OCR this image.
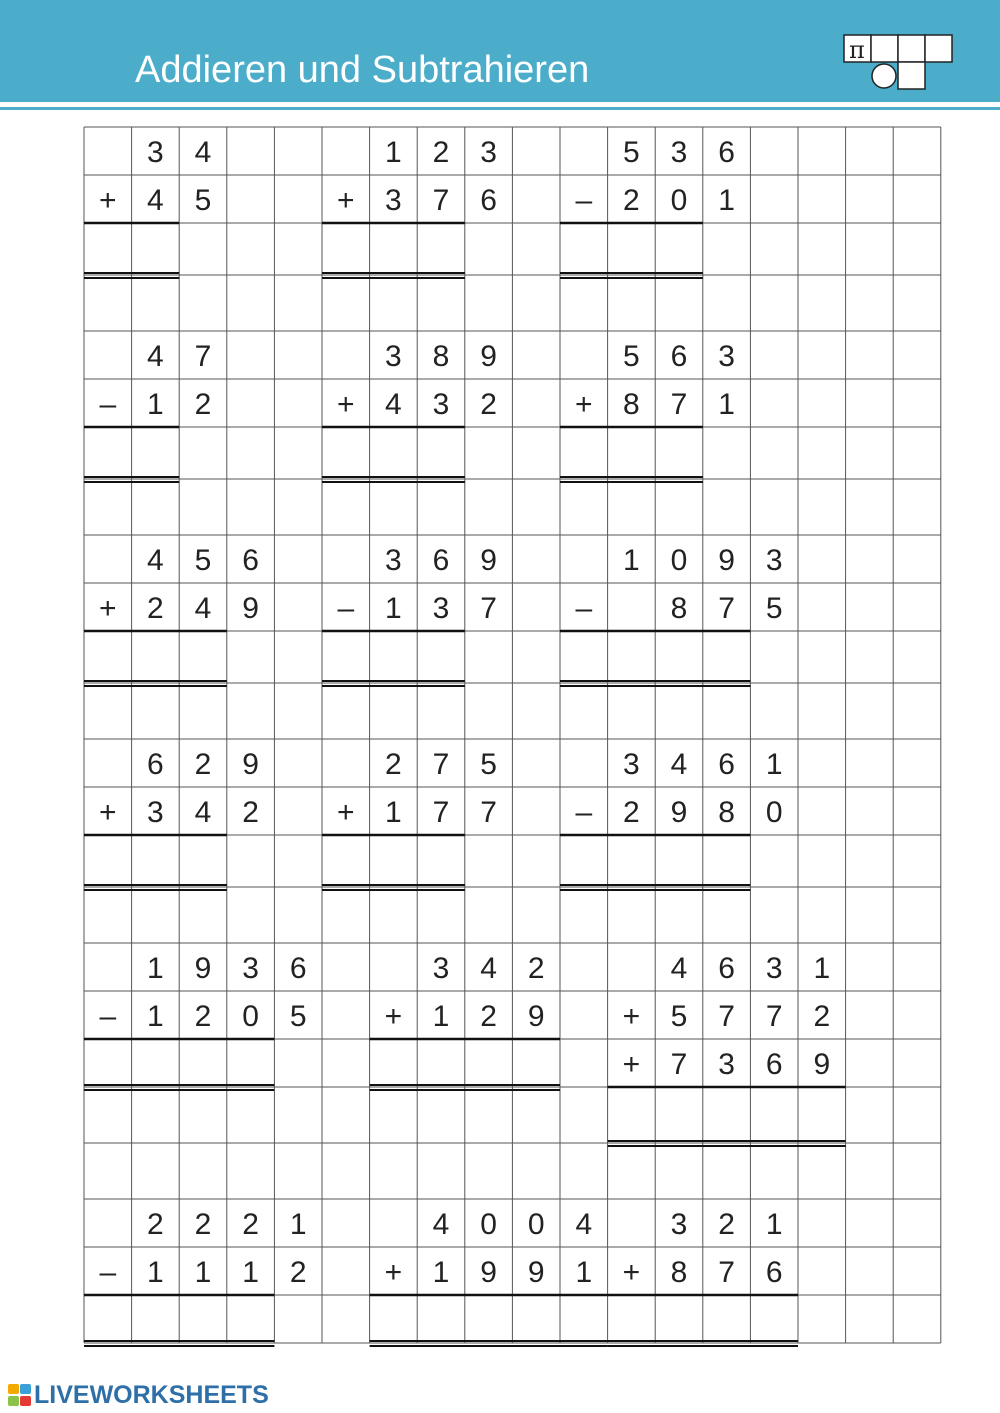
Addieren und Subtrahieren	π
3 4
+ 4 5
1 2 3
+ 3 7 6
5 3 6
– 2 0 1
4 7
– 1 2
3 8 9
+ 4 3 2
5 6 3
+ 8 7 1
4 5 6
+ 2 4 9
3 6 9
– 1 3 7
1 0 9 3
–	8 7 5
6 2 9
+ 3 4 2
2 7 5
+ 1 7 7
3 4 6 1
– 2 9 8 0
1 9 3 6
– 1 2 0 5
3 4 2
+ 1 2 9
4 6 3 1
+ 5 7 7 2
+ 7 3 6 9
2 2 2 1
– 1 1 1 2
4 0 0 4
+ 1 9 9 1
3 2 1
+ 8 7 6
LIVEWORKSHEETS
